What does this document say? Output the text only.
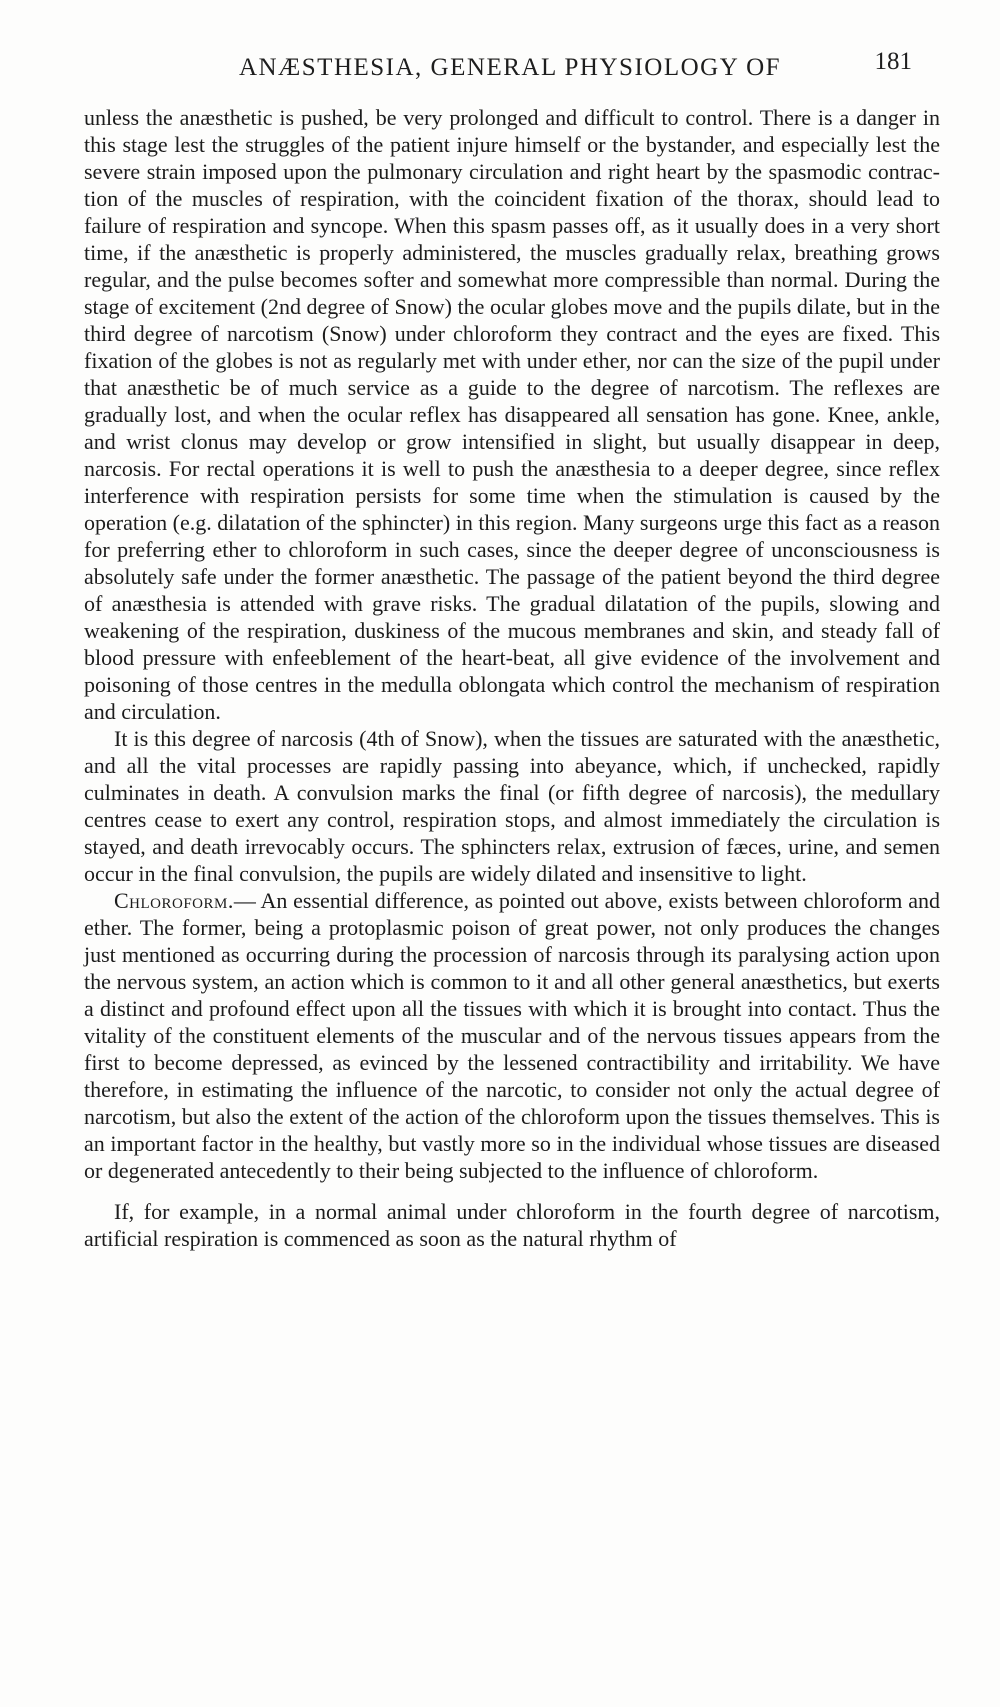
ANÆSTHESIA, GENERAL PHYSIOLOGY OF	181

unless the anæsthetic is pushed, be very prolonged and difficult to control. There is a danger in this stage lest the struggles of the patient injure himself or the bystander, and especially lest the severe strain imposed upon the pulmonary circulation and right heart by the spasmodic contraction of the muscles of respiration, with the coincident fixation of the thorax, should lead to failure of respiration and syncope. When this spasm passes off, as it usually does in a very short time, if the anæsthetic is properly administered, the muscles gradually relax, breathing grows regular, and the pulse becomes softer and somewhat more compressible than normal. During the stage of excitement (2nd degree of Snow) the ocular globes move and the pupils dilate, but in the third degree of narcotism (Snow) under chloroform they contract and the eyes are fixed. This fixation of the globes is not as regularly met with under ether, nor can the size of the pupil under that anæsthetic be of much service as a guide to the degree of narcotism. The reflexes are gradually lost, and when the ocular reflex has disappeared all sensation has gone. Knee, ankle, and wrist clonus may develop or grow intensified in slight, but usually disappear in deep, narcosis. For rectal operations it is well to push the anæsthesia to a deeper degree, since reflex interference with respiration persists for some time when the stimulation is caused by the operation (e.g. dilatation of the sphincter) in this region. Many surgeons urge this fact as a reason for preferring ether to chloroform in such cases, since the deeper degree of unconsciousness is absolutely safe under the former anæsthetic. The passage of the patient beyond the third degree of anæsthesia is attended with grave risks. The gradual dilatation of the pupils, slowing and weakening of the respiration, duskiness of the mucous membranes and skin, and steady fall of blood pressure with enfeeblement of the heart-beat, all give evidence of the involvement and poisoning of those centres in the medulla oblongata which control the mechanism of respiration and circulation.

It is this degree of narcosis (4th of Snow), when the tissues are saturated with the anæsthetic, and all the vital processes are rapidly passing into abeyance, which, if unchecked, rapidly culminates in death. A convulsion marks the final (or fifth degree of narcosis), the medullary centres cease to exert any control, respiration stops, and almost immediately the circulation is stayed, and death irrevocably occurs. The sphincters relax, extrusion of fæces, urine, and semen occur in the final convulsion, the pupils are widely dilated and insensitive to light.

Chloroform.— An essential difference, as pointed out above, exists between chloroform and ether. The former, being a protoplasmic poison of great power, not only produces the changes just mentioned as occurring during the procession of narcosis through its paralysing action upon the nervous system, an action which is common to it and all other general anæsthetics, but exerts a distinct and profound effect upon all the tissues with which it is brought into contact. Thus the vitality of the constituent elements of the muscular and of the nervous tissues appears from the first to become depressed, as evinced by the lessened contractibility and irritability. We have therefore, in estimating the influence of the narcotic, to consider not only the actual degree of narcotism, but also the extent of the action of the chloroform upon the tissues themselves. This is an important factor in the healthy, but vastly more so in the individual whose tissues are diseased or degenerated antecedently to their being subjected to the influence of chloroform.

If, for example, in a normal animal under chloroform in the fourth degree of narcotism, artificial respiration is commenced as soon as the natural rhythm of
